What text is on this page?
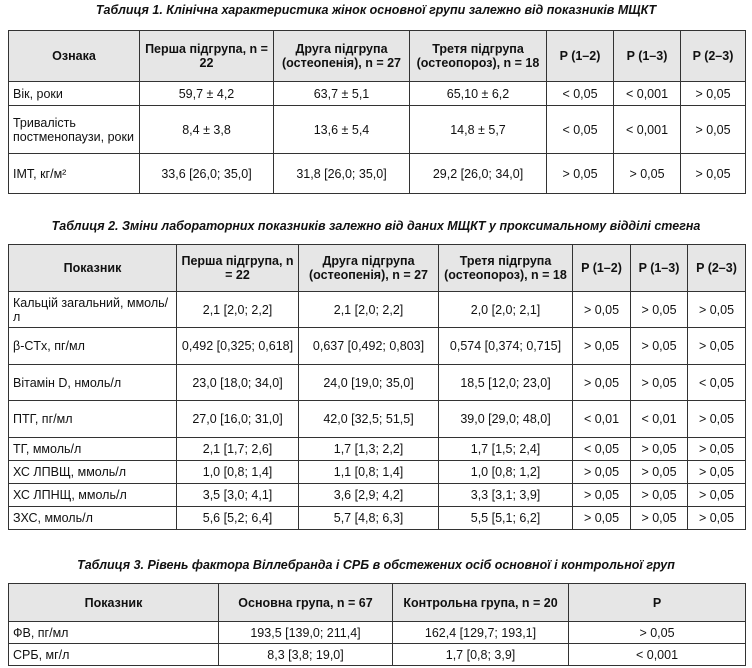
Таблиця 1. Клінічна характеристика жінок основної групи залежно від показників МЩКТ
Ознака	Перша підгрупа, n = 22	Друга підгрупа (остеопенія), n = 27	Третя підгрупа (остеопороз), n = 18	P (1–2)	P (1–3)	P (2–3)
Вік, роки	59,7 ± 4,2	63,7 ± 5,1	65,10 ± 6,2	< 0,05	< 0,001	> 0,05
Тривалість постменопаузи, роки	8,4 ± 3,8	13,6 ± 5,4	14,8 ± 5,7	< 0,05	< 0,001	> 0,05
ІМТ, кг/м²	33,6 [26,0; 35,0]	31,8 [26,0; 35,0]	29,2 [26,0; 34,0]	> 0,05	> 0,05	> 0,05
Таблиця 2. Зміни лабораторних показників залежно від даних МЩКТ у проксимальному відділі стегна
Показник	Перша підгрупа, n = 22	Друга підгрупа (остеопенія), n = 27	Третя підгрупа (остеопороз), n = 18	P (1–2)	P (1–3)	P (2–3)
Кальцій загальний, ммоль/л	2,1 [2,0; 2,2]	2,1 [2,0; 2,2]	2,0 [2,0; 2,1]	> 0,05	> 0,05	> 0,05
β-CTx, пг/мл	0,492 [0,325; 0,618]	0,637 [0,492; 0,803]	0,574 [0,374; 0,715]	> 0,05	> 0,05	> 0,05
Вітамін D, нмоль/л	23,0 [18,0; 34,0]	24,0 [19,0; 35,0]	18,5 [12,0; 23,0]	> 0,05	> 0,05	< 0,05
ПТГ, пг/мл	27,0 [16,0; 31,0]	42,0 [32,5; 51,5]	39,0 [29,0; 48,0]	< 0,01	< 0,01	> 0,05
ТГ, ммоль/л	2,1 [1,7; 2,6]	1,7 [1,3; 2,2]	1,7 [1,5; 2,4]	< 0,05	> 0,05	> 0,05
ХС ЛПВЩ, ммоль/л	1,0 [0,8; 1,4]	1,1 [0,8; 1,4]	1,0 [0,8; 1,2]	> 0,05	> 0,05	> 0,05
ХС ЛПНЩ, ммоль/л	3,5 [3,0; 4,1]	3,6 [2,9; 4,2]	3,3 [3,1; 3,9]	> 0,05	> 0,05	> 0,05
ЗХС, ммоль/л	5,6 [5,2; 6,4]	5,7 [4,8; 6,3]	5,5 [5,1; 6,2]	> 0,05	> 0,05	> 0,05
Таблиця 3. Рівень фактора Віллебранда і СРБ в обстежених осіб основної і контрольної груп
Показник	Основна група, n = 67	Контрольна група, n = 20	P
ФВ, пг/мл	193,5 [139,0; 211,4]	162,4 [129,7; 193,1]	> 0,05
СРБ, мг/л	8,3 [3,8; 19,0]	1,7 [0,8; 3,9]	< 0,001
